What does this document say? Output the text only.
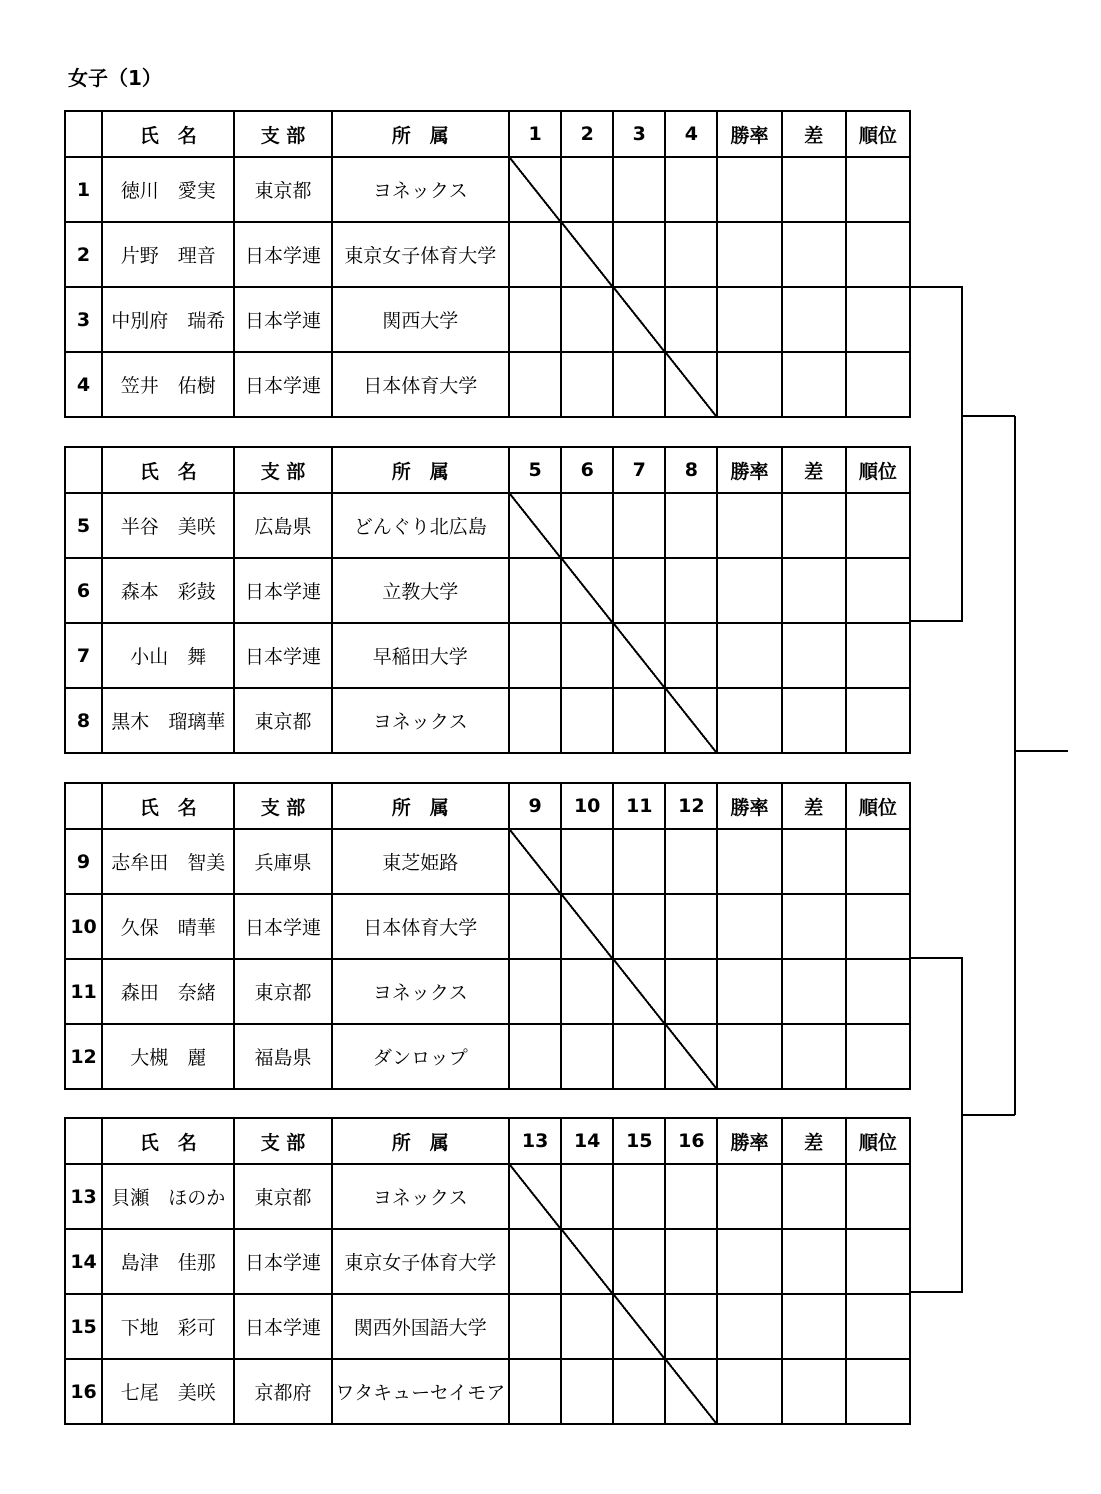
女子（1）
	氏　名	支 部	所　属	1	2	3	4	勝率	差	順位
1	徳川　愛実	東京都	ヨネックス							
2	片野　理音	日本学連	東京女子体育大学							
3	中別府　瑞希	日本学連	関西大学							
4	笠井　佑樹	日本学連	日本体育大学							
	氏　名	支 部	所　属	5	6	7	8	勝率	差	順位
5	半谷　美咲	広島県	どんぐり北広島							
6	森本　彩鼓	日本学連	立教大学							
7	小山　舞	日本学連	早稲田大学							
8	黒木　瑠璃華	東京都	ヨネックス							
	氏　名	支 部	所　属	9	10	11	12	勝率	差	順位
9	志牟田　智美	兵庫県	東芝姫路							
10	久保　晴華	日本学連	日本体育大学							
11	森田　奈緒	東京都	ヨネックス							
12	大槻　麗	福島県	ダンロップ							
	氏　名	支 部	所　属	13	14	15	16	勝率	差	順位
13	貝瀬　ほのか	東京都	ヨネックス							
14	島津　佳那	日本学連	東京女子体育大学							
15	下地　彩可	日本学連	関西外国語大学							
16	七尾　美咲	京都府	ワタキューセイモア							
